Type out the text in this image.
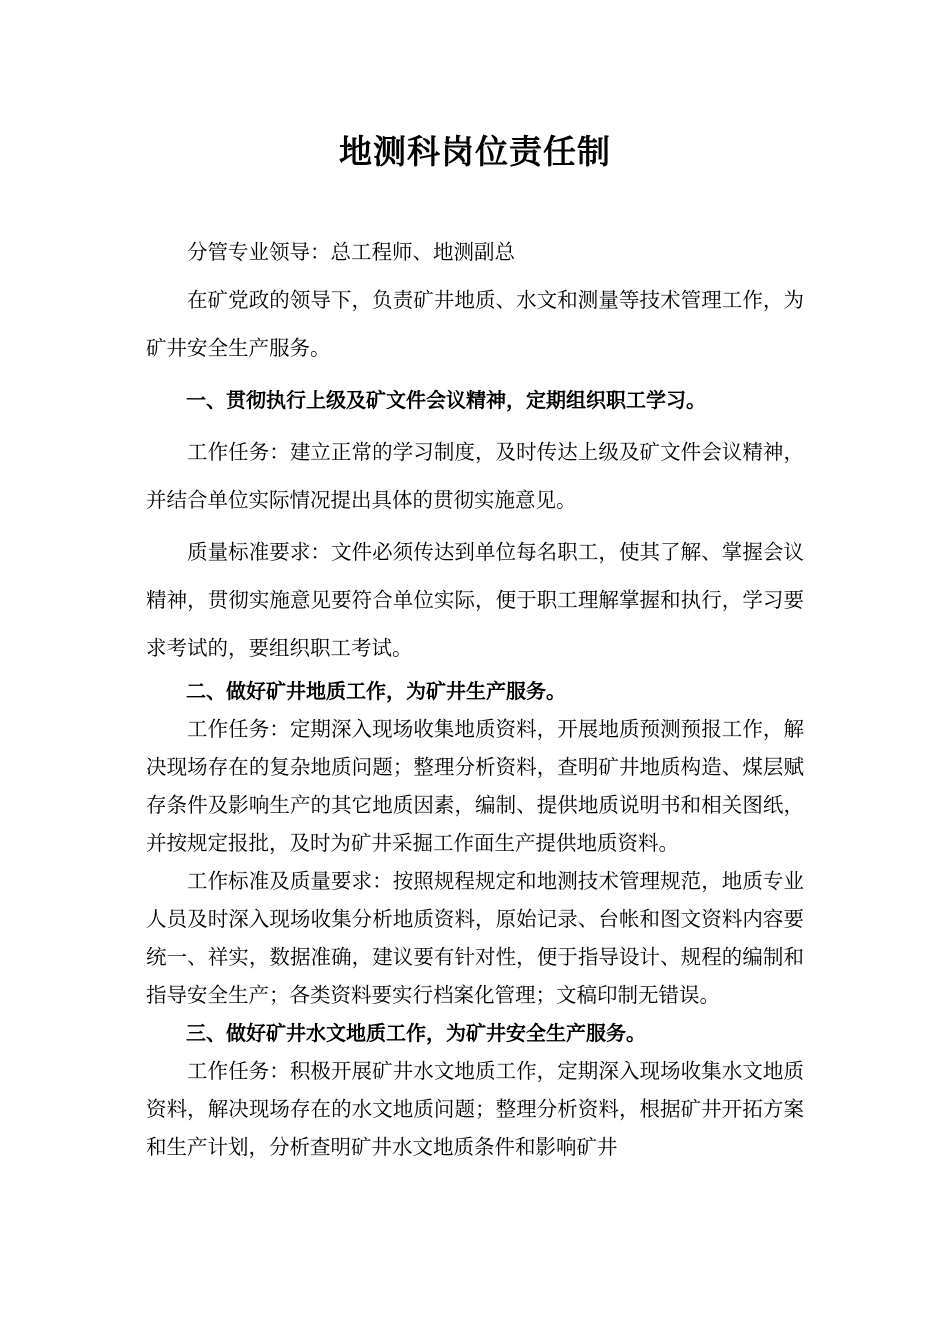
地测科岗位责任制

分管专业领导：总工程师、地测副总

在矿党政的领导下，负责矿井地质、水文和测量等技术管理工作，为矿井安全生产服务。

一、贯彻执行上级及矿文件会议精神，定期组织职工学习。

工作任务：建立正常的学习制度，及时传达上级及矿文件会议精神，并结合单位实际情况提出具体的贯彻实施意见。

质量标准要求：文件必须传达到单位每名职工，使其了解、掌握会议精神，贯彻实施意见要符合单位实际，便于职工理解掌握和执行，学习要求考试的，要组织职工考试。

二、做好矿井地质工作，为矿井生产服务。

工作任务：定期深入现场收集地质资料，开展地质预测预报工作，解决现场存在的复杂地质问题；整理分析资料，查明矿井地质构造、煤层赋存条件及影响生产的其它地质因素，编制、提供地质说明书和相关图纸，并按规定报批，及时为矿井采掘工作面生产提供地质资料。

工作标准及质量要求：按照规程规定和地测技术管理规范，地质专业人员及时深入现场收集分析地质资料，原始记录、台帐和图文资料内容要统一、祥实，数据准确，建议要有针对性，便于指导设计、规程的编制和指导安全生产；各类资料要实行档案化管理；文稿印制无错误。

三、做好矿井水文地质工作，为矿井安全生产服务。

工作任务：积极开展矿井水文地质工作，定期深入现场收集水文地质资料，解决现场存在的水文地质问题；整理分析资料，根据矿井开拓方案和生产计划，分析查明矿井水文地质条件和影响矿井
